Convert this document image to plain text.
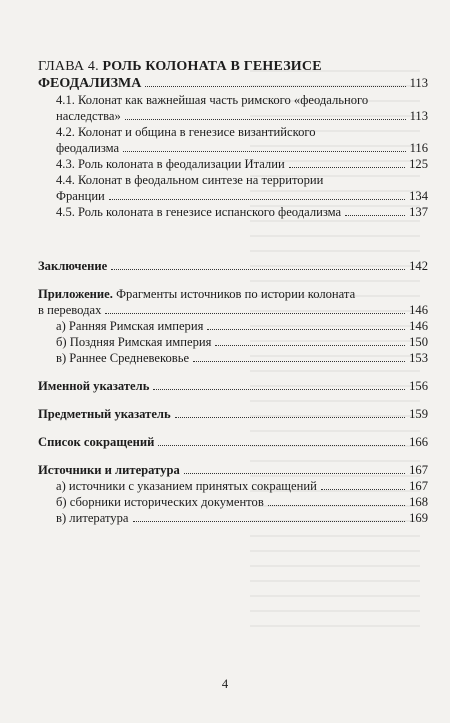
ГЛАВА 4. РОЛЬ КОЛОНАТА В ГЕНЕЗИСЕ
ФЕОДАЛИЗМА	113
4.1. Колонат как важнейшая часть римского «феодального
наследства»	113
4.2. Колонат и община в генезисе византийского
феодализма	116
4.3. Роль колоната в феодализации Италии	125
4.4. Колонат в феодальном синтезе на территории
Франции	134
4.5. Роль колоната в генезисе испанского феодализма	137
Заключение	142
Приложение. Фрагменты источников по истории колоната
в переводах	146
а) Ранняя Римская империя	146
б) Поздняя Римская империя	150
в) Раннее Средневековье	153
Именной указатель	156
Предметный указатель	159
Список сокращений	166
Источники и литература	167
а) источники с указанием принятых сокращений	167
б) сборники исторических документов	168
в) литература	169
4
